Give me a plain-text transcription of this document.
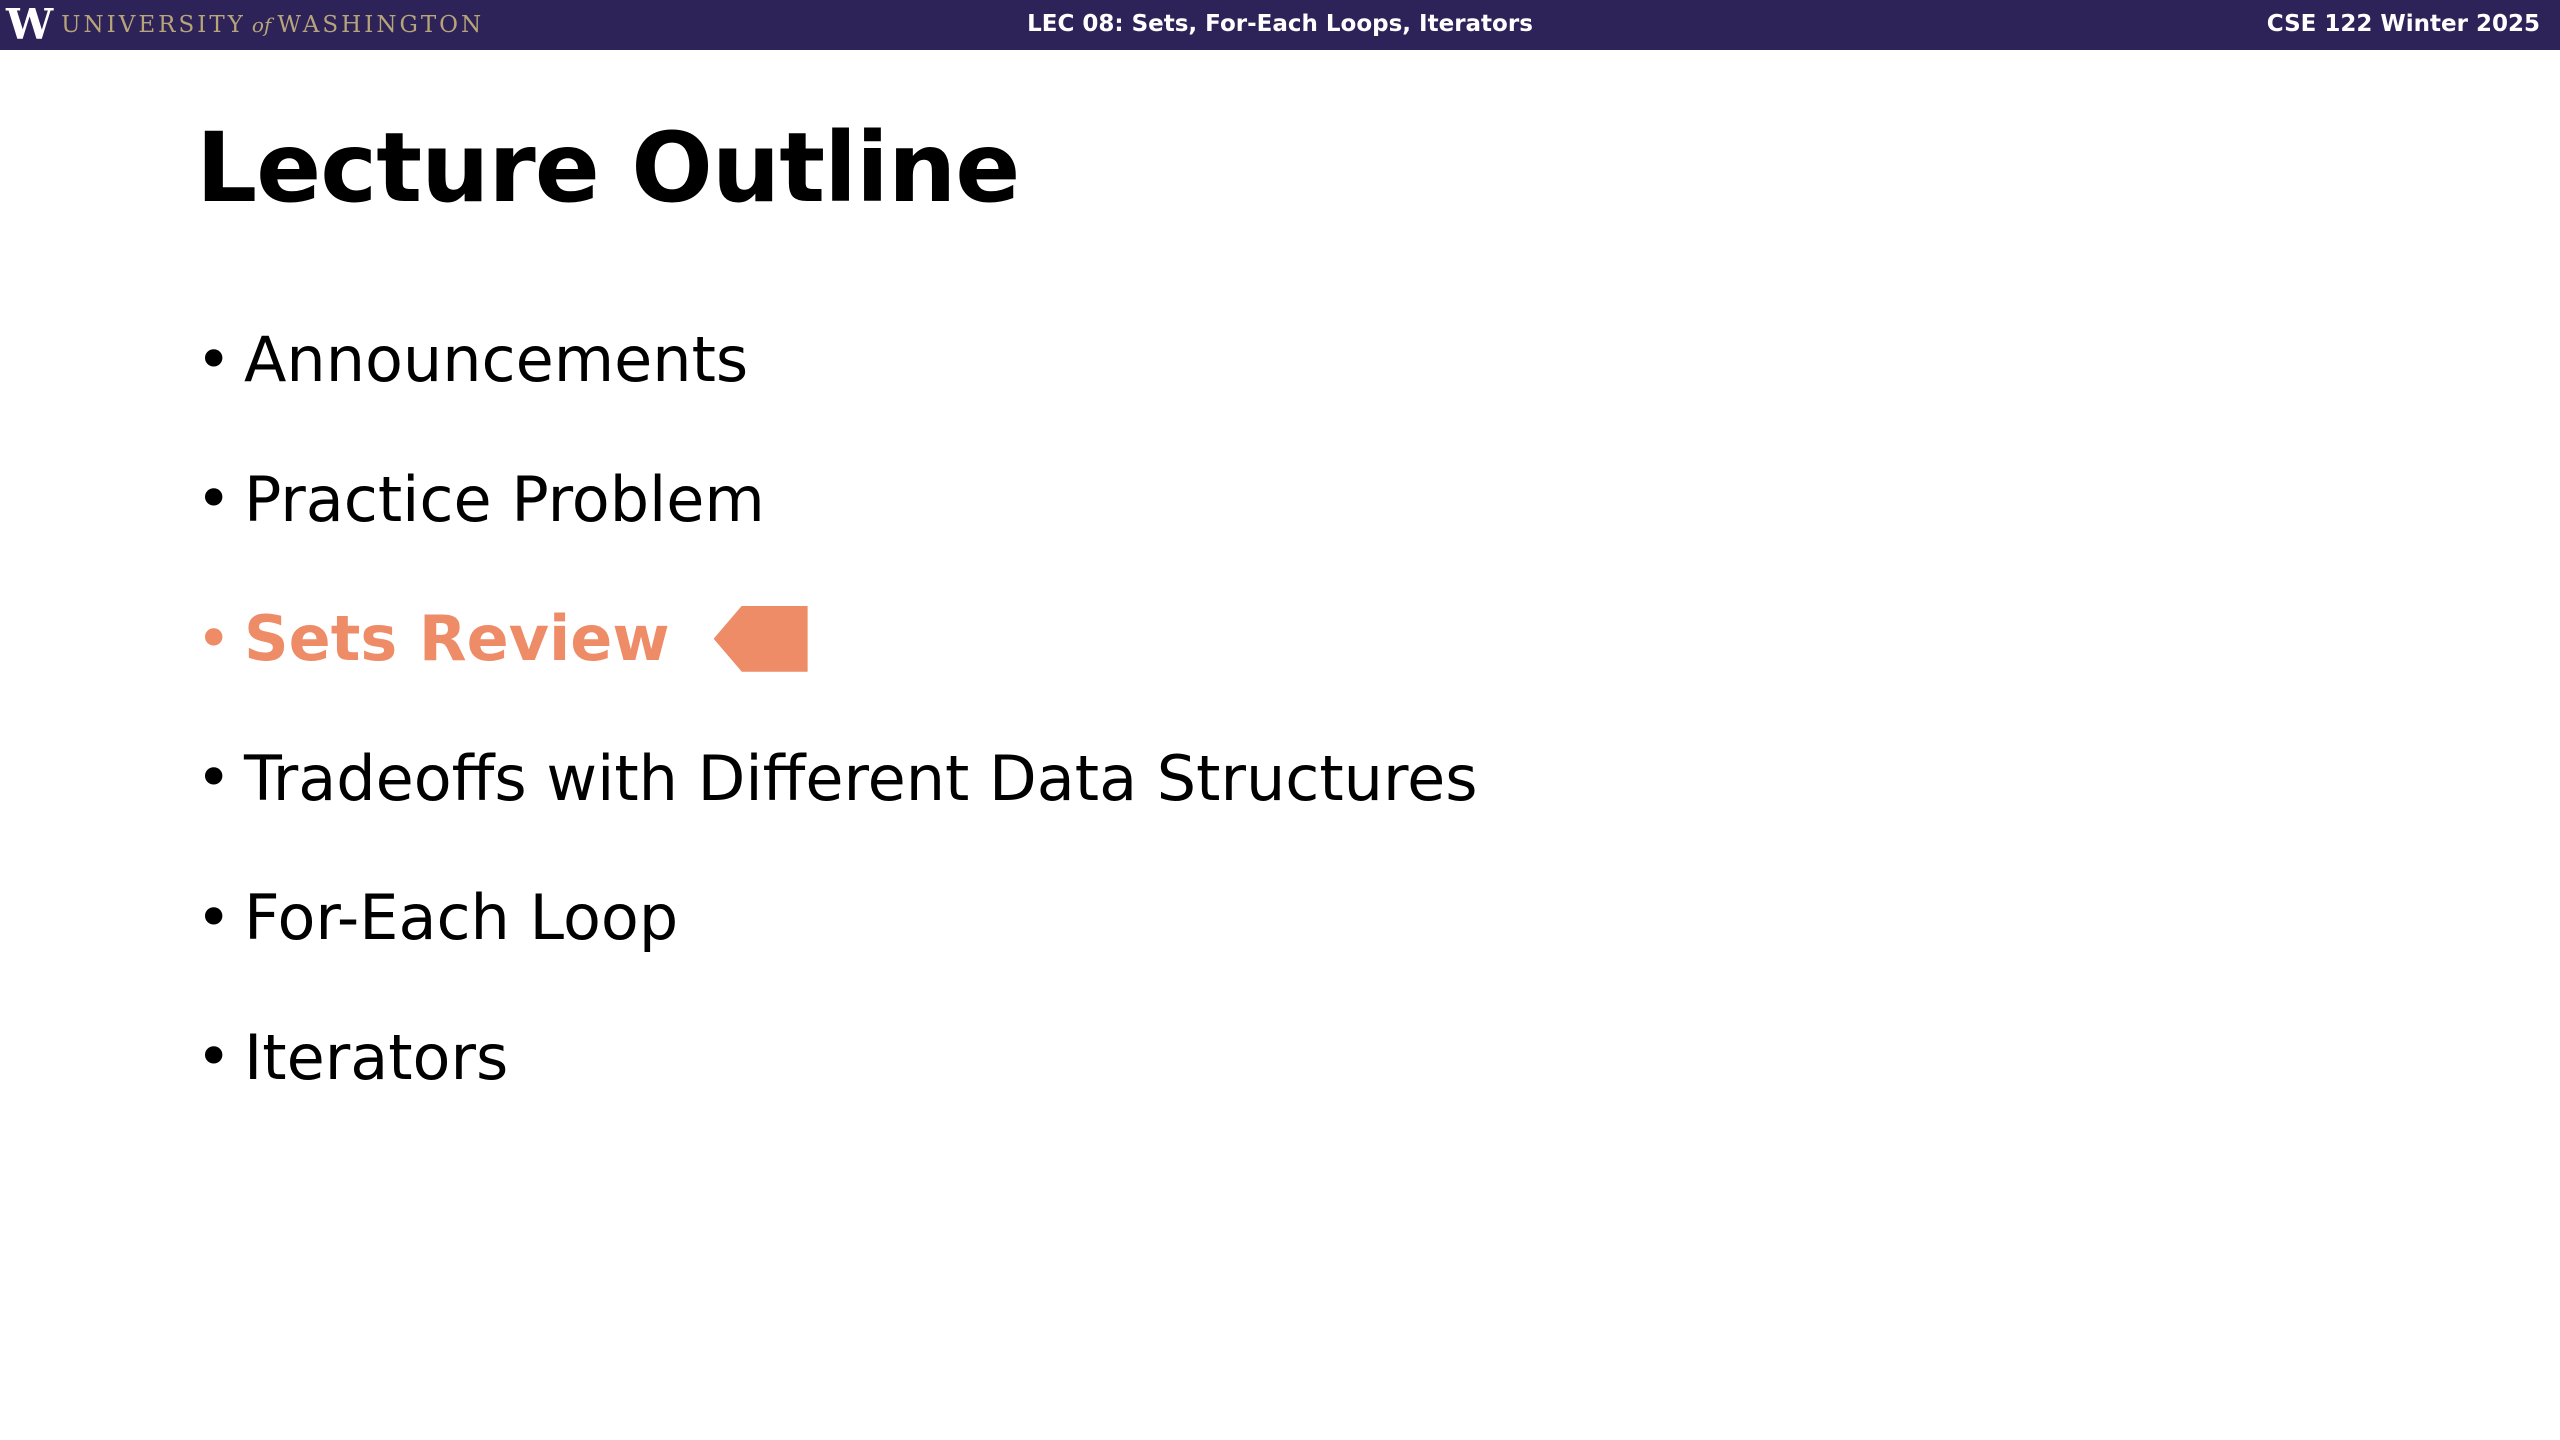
W UNIVERSITY of WASHINGTON	LEC 08: Sets, For-Each Loops, Iterators	CSE 122 Winter 2025
Lecture Outline
• Announcements
• Practice Problem
• Sets Review
• Tradeoffs with Different Data Structures
• For-Each Loop
• Iterators
